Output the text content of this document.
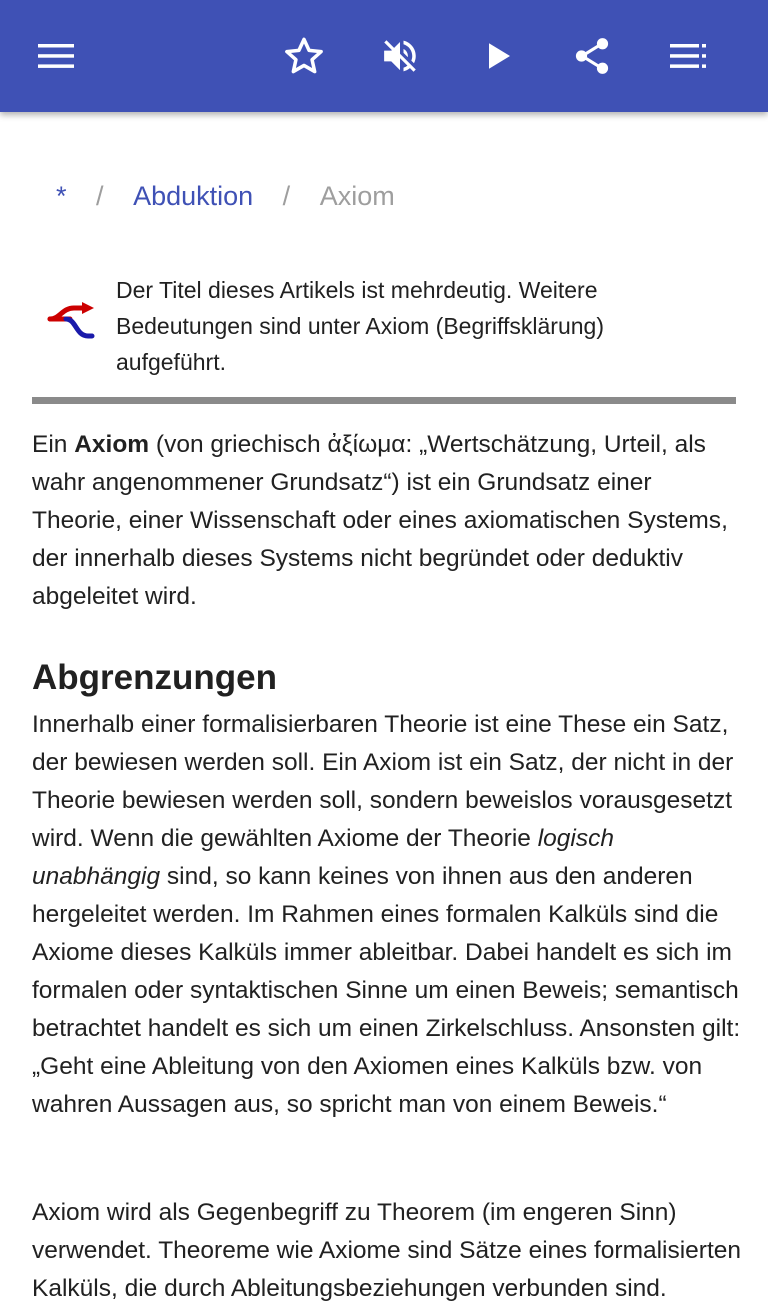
* / Abduktion / Axiom
Der Titel dieses Artikels ist mehrdeutig. Weitere Bedeutungen sind unter Axiom (Begriffsklärung) aufgeführt.

Ein Axiom (von griechisch ἀξίωμα: „Wertschätzung, Urteil, als wahr angenommener Grundsatz“) ist ein Grundsatz einer Theorie, einer Wissenschaft oder eines axiomatischen Systems, der innerhalb dieses Systems nicht begründet oder deduktiv abgeleitet wird.

Abgrenzungen

Innerhalb einer formalisierbaren Theorie ist eine These ein Satz, der bewiesen werden soll. Ein Axiom ist ein Satz, der nicht in der Theorie bewiesen werden soll, sondern beweislos vorausgesetzt wird. Wenn die gewählten Axiome der Theorie logisch unabhängig sind, so kann keines von ihnen aus den anderen hergeleitet werden. Im Rahmen eines formalen Kalküls sind die Axiome dieses Kalküls immer ableitbar. Dabei handelt es sich im formalen oder syntaktischen Sinne um einen Beweis; semantisch betrachtet handelt es sich um einen Zirkelschluss. Ansonsten gilt: „Geht eine Ableitung von den Axiomen eines Kalküls bzw. von wahren Aussagen aus, so spricht man von einem Beweis.“

Axiom wird als Gegenbegriff zu Theorem (im engeren Sinn) verwendet. Theoreme wie Axiome sind Sätze eines formalisierten Kalküls, die durch Ableitungsbeziehungen verbunden sind.
